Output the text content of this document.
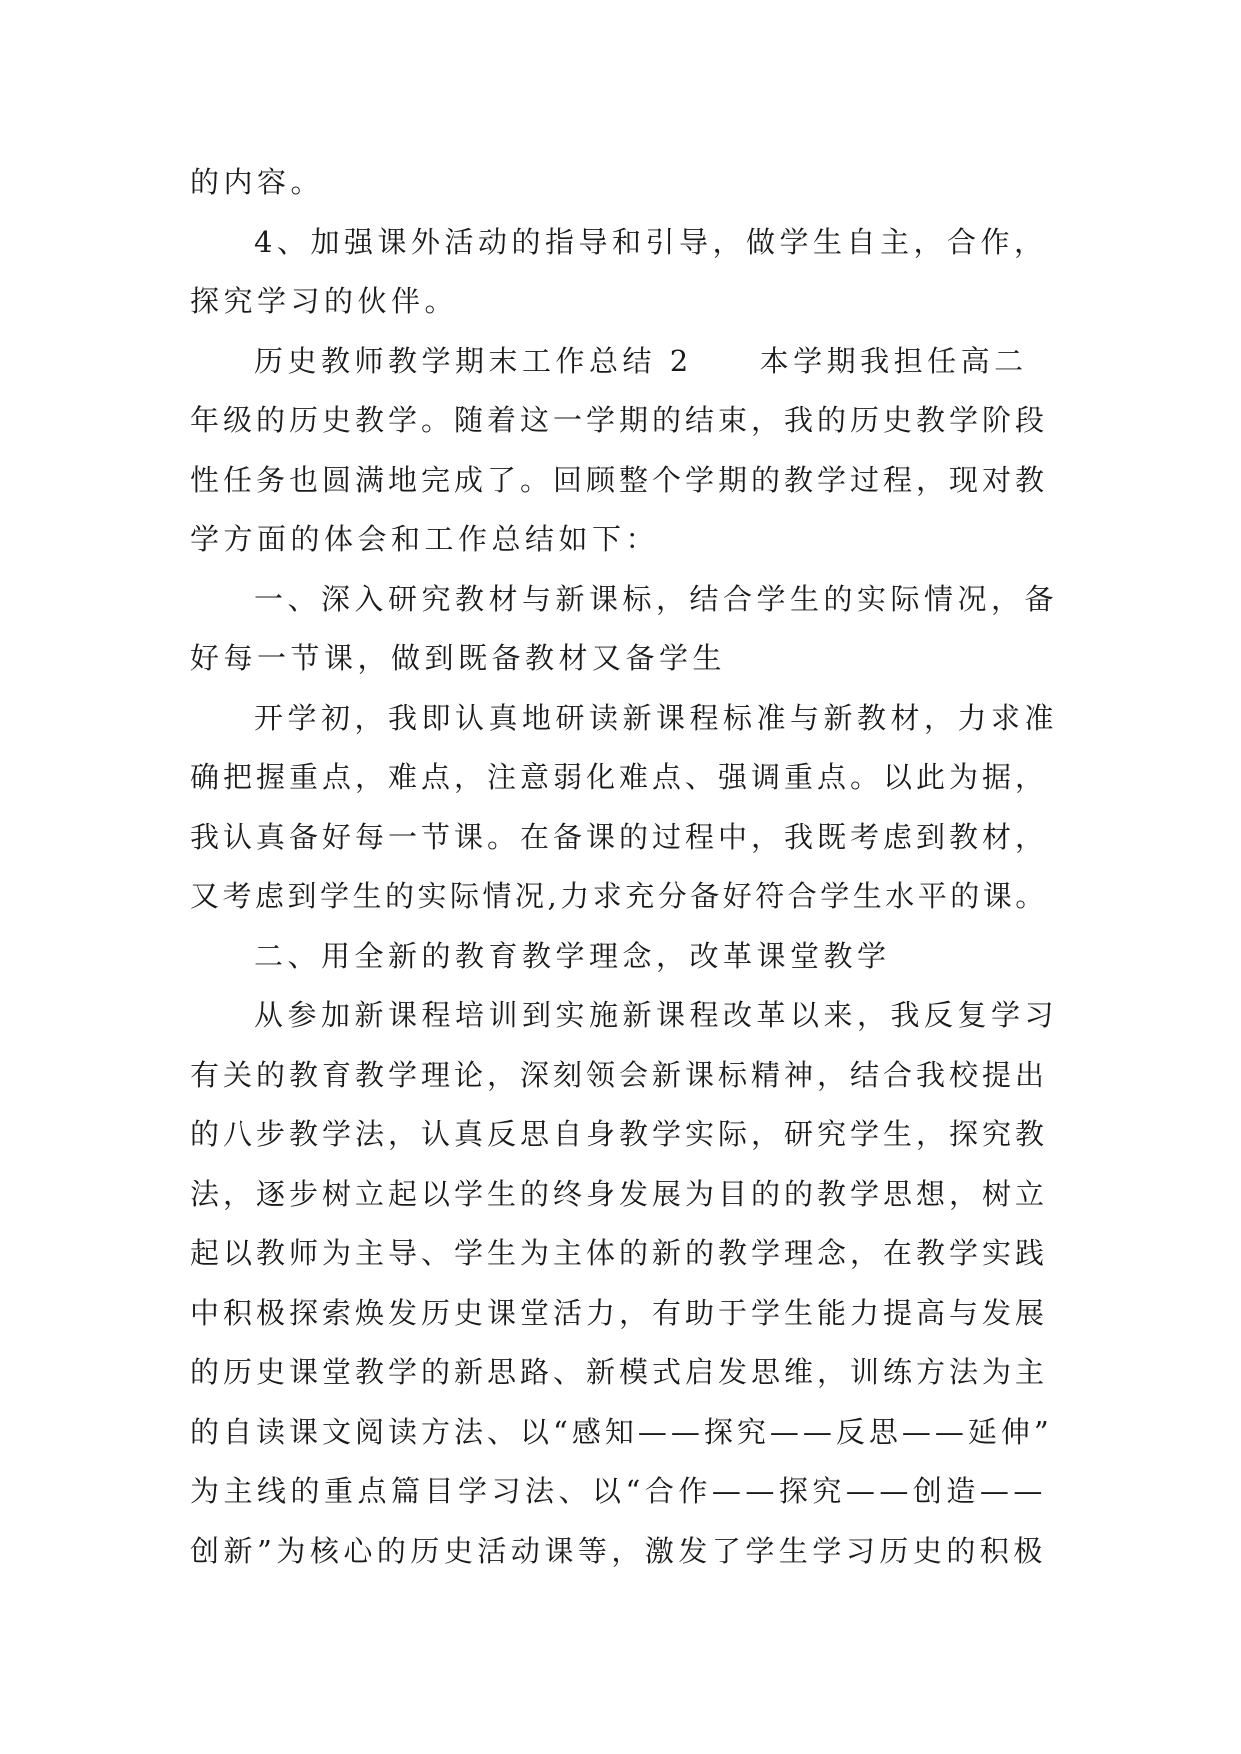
的内容。
4、加强课外活动的指导和引导，做学生自主，合作，
探究学习的伙伴。
历史教师教学期末工作总结 2　　本学期我担任高二
年级的历史教学。随着这一学期的结束，我的历史教学阶段
性任务也圆满地完成了。回顾整个学期的教学过程，现对教
学方面的体会和工作总结如下：
一、深入研究教材与新课标，结合学生的实际情况，备
好每一节课，做到既备教材又备学生
开学初，我即认真地研读新课程标准与新教材，力求准
确把握重点，难点，注意弱化难点、强调重点。以此为据，
我认真备好每一节课。在备课的过程中，我既考虑到教材，
又考虑到学生的实际情况,力求充分备好符合学生水平的课。
二、用全新的教育教学理念，改革课堂教学
从参加新课程培训到实施新课程改革以来，我反复学习
有关的教育教学理论，深刻领会新课标精神，结合我校提出
的八步教学法，认真反思自身教学实际，研究学生，探究教
法，逐步树立起以学生的终身发展为目的的教学思想，树立
起以教师为主导、学生为主体的新的教学理念，在教学实践
中积极探索焕发历史课堂活力，有助于学生能力提高与发展
的历史课堂教学的新思路、新模式启发思维，训练方法为主
的自读课文阅读方法、以“感知——探究——反思——延伸”
为主线的重点篇目学习法、以“合作——探究——创造——
创新”为核心的历史活动课等，激发了学生学习历史的积极
